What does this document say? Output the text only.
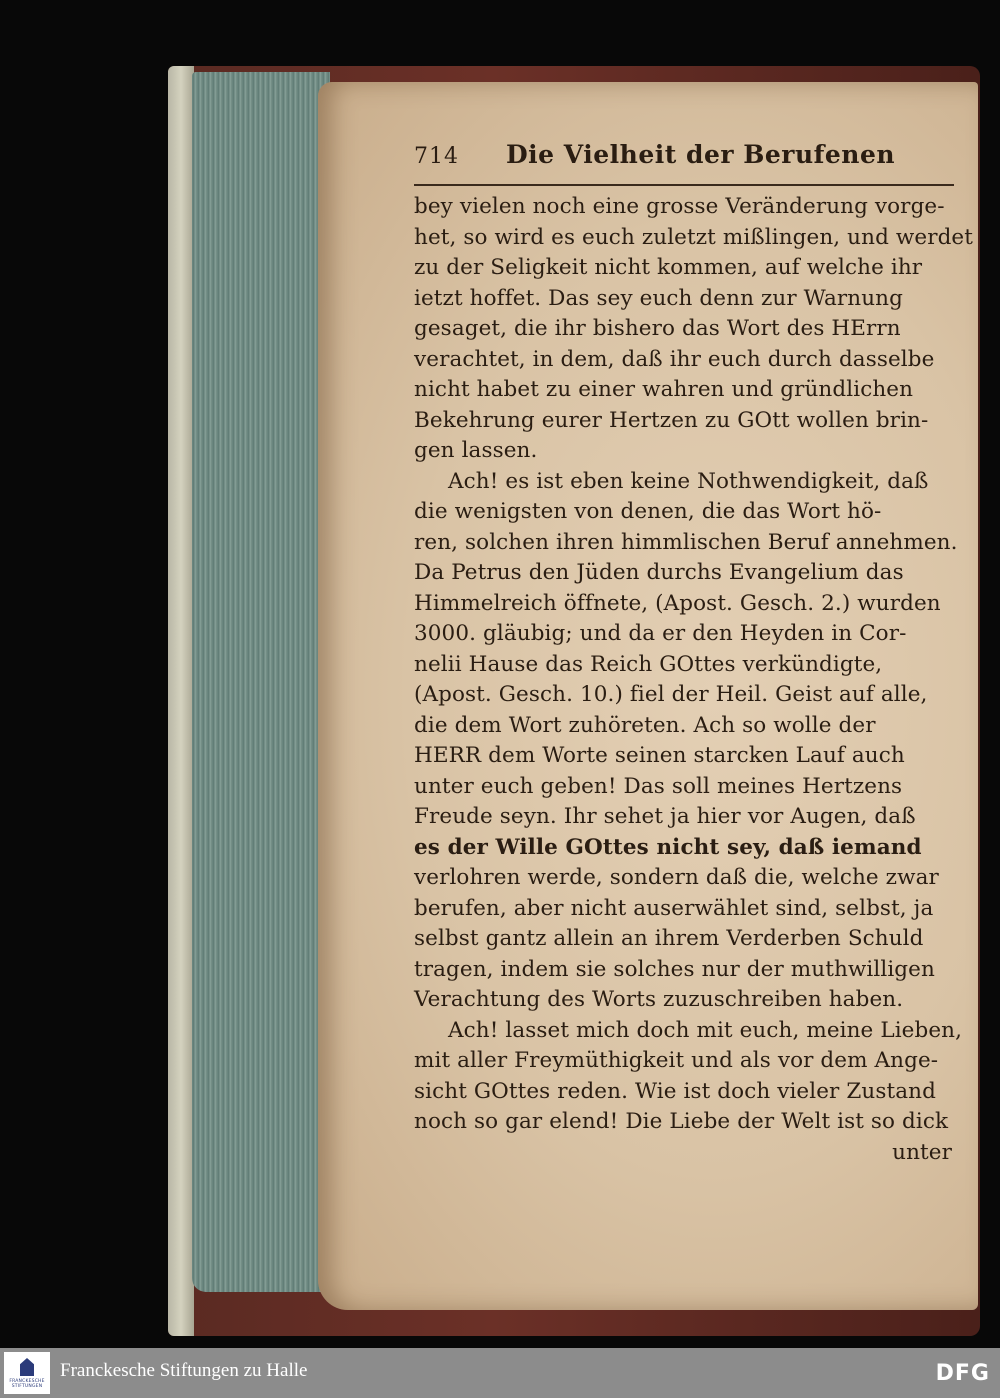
714	Die Vielheit der Berufenen
bey vielen noch eine grosse Veränderung vorge-
het, so wird es euch zuletzt mißlingen, und werdet
zu der Seligkeit nicht kommen, auf welche ihr
ietzt hoffet. Das sey euch denn zur Warnung
gesaget, die ihr bishero das Wort des HErrn
verachtet, in dem, daß ihr euch durch dasselbe
nicht habet zu einer wahren und gründlichen
Bekehrung eurer Hertzen zu GOtt wollen brin-
gen lassen.
Ach! es ist eben keine Nothwendigkeit, daß
die wenigsten von denen, die das Wort hö-
ren, solchen ihren himmlischen Beruf annehmen.
Da Petrus den Jüden durchs Evangelium das
Himmelreich öffnete, (Apost. Gesch. 2.) wurden
3000. gläubig; und da er den Heyden in Cor-
nelii Hause das Reich GOttes verkündigte,
(Apost. Gesch. 10.) fiel der Heil. Geist auf alle,
die dem Wort zuhöreten. Ach so wolle der
HERR dem Worte seinen starcken Lauf auch
unter euch geben! Das soll meines Hertzens
Freude seyn. Ihr sehet ja hier vor Augen, daß
es der Wille GOttes nicht sey, daß iemand
verlohren werde, sondern daß die, welche zwar
berufen, aber nicht auserwählet sind, selbst, ja
selbst gantz allein an ihrem Verderben Schuld
tragen, indem sie solches nur der muthwilligen
Verachtung des Worts zuzuschreiben haben.
Ach! lasset mich doch mit euch, meine Lieben,
mit aller Freymüthigkeit und als vor dem Ange-
sicht GOttes reden. Wie ist doch vieler Zustand
noch so gar elend! Die Liebe der Welt ist so dick
unter
FRANCKESCHE STIFTUNGEN
Franckesche Stiftungen zu Halle	DFG
